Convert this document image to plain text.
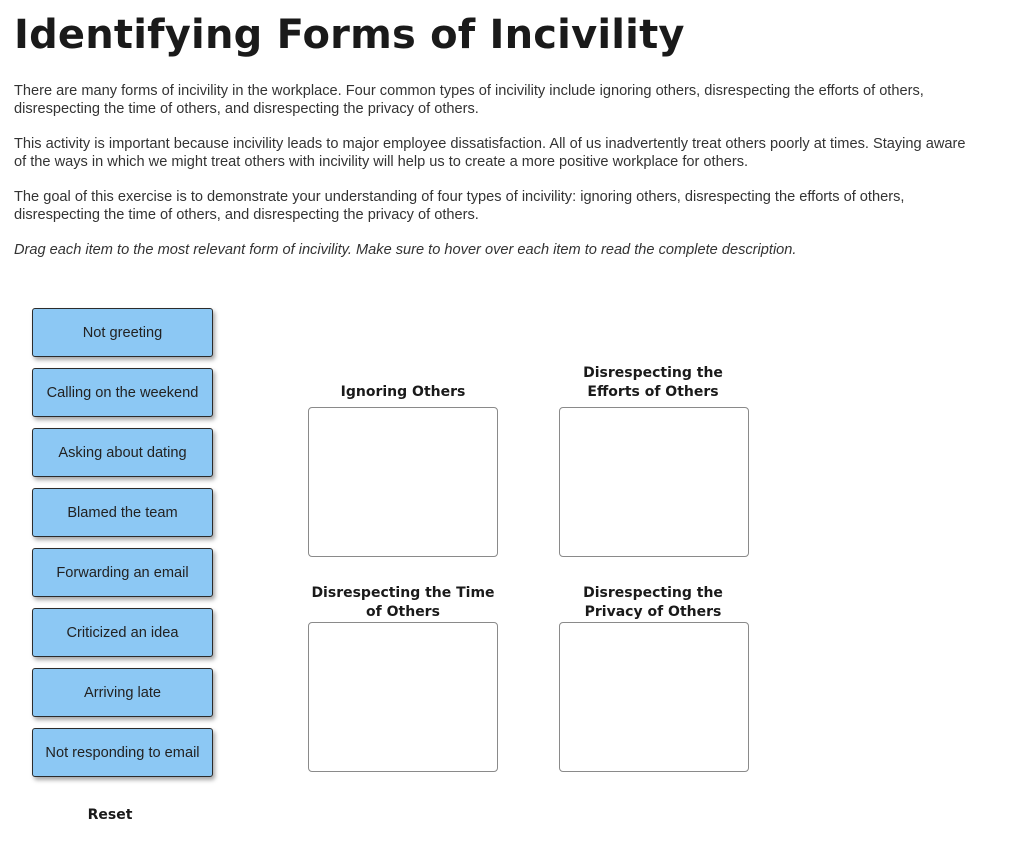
Identifying Forms of Incivility

There are many forms of incivility in the workplace. Four common types of incivility include ignoring others, disrespecting the efforts of others, disrespecting the time of others, and disrespecting the privacy of others.

This activity is important because incivility leads to major employee dissatisfaction. All of us inadvertently treat others poorly at times. Staying aware of the ways in which we might treat others with incivility will help us to create a more positive workplace for others.

The goal of this exercise is to demonstrate your understanding of four types of incivility: ignoring others, disrespecting the efforts of others, disrespecting the time of others, and disrespecting the privacy of others.

Drag each item to the most relevant form of incivility. Make sure to hover over each item to read the complete description.

Not greeting
Calling on the weekend
Asking about dating
Blamed the team
Forwarding an email
Criticized an idea
Arriving late
Not responding to email
Ignoring Others
Disrespecting the Efforts of Others
Disrespecting the Time of Others
Disrespecting the Privacy of Others
Reset
